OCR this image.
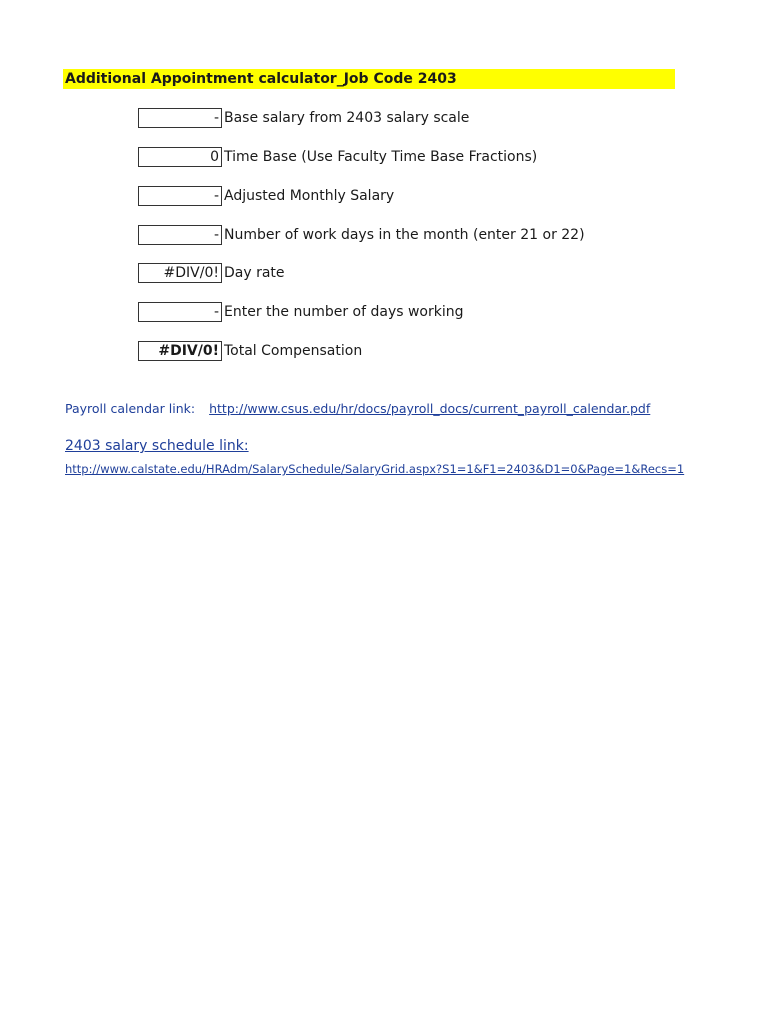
Additional Appointment calculator_Job Code 2403
- Base salary from 2403 salary scale
0 Time Base (Use Faculty Time Base Fractions)
- Adjusted Monthly Salary
- Number of work days in the month (enter 21 or 22)
#DIV/0! Day rate
- Enter the number of days working
#DIV/0! Total Compensation
Payroll calendar link: http://www.csus.edu/hr/docs/payroll_docs/current_payroll_calendar.pdf
2403 salary schedule link:
http://www.calstate.edu/HRAdm/SalarySchedule/SalaryGrid.aspx?S1=1&F1=2403&D1=0&Page=1&Recs=1
